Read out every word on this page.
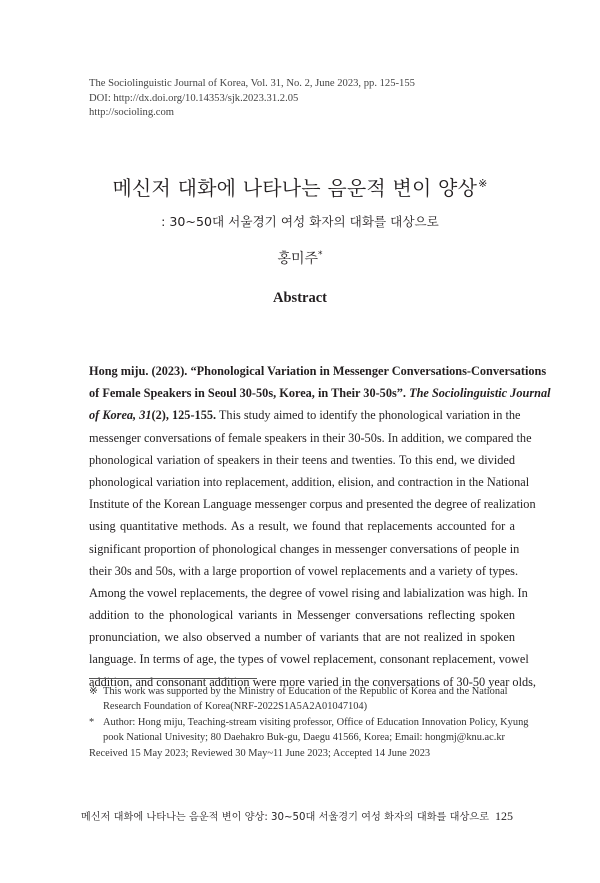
The Sociolinguistic Journal of Korea, Vol. 31, No. 2, June 2023, pp. 125-155
DOI: http://dx.doi.org/10.14353/sjk.2023.31.2.05
http://socioling.com
메신저 대화에 나타나는 음운적 변이 양상※
: 30~50대 서울경기 여성 화자의 대화를 대상으로
홍미주*
Abstract
Hong miju. (2023). “Phonological Variation in Messenger Conversations-Conversations
of Female Speakers in Seoul 30-50s, Korea, in Their 30-50s”. The Sociolinguistic Journal
of Korea, 31(2), 125-155. This study aimed to identify the phonological variation in the
messenger conversations of female speakers in their 30-50s. In addition, we compared the
phonological variation of speakers in their teens and twenties. To this end, we divided
phonological variation into replacement, addition, elision, and contraction in the National
Institute of the Korean Language messenger corpus and presented the degree of realization
using quantitative methods. As a result, we found that replacements accounted for a
significant proportion of phonological changes in messenger conversations of people in
their 30s and 50s, with a large proportion of vowel replacements and a variety of types.
Among the vowel replacements, the degree of vowel rising and labialization was high. In
addition to the phonological variants in Messenger conversations reflecting spoken
pronunciation, we also observed a number of variants that are not realized in spoken
language. In terms of age, the types of vowel replacement, consonant replacement, vowel
addition, and consonant addition were more varied in the conversations of 30-50 year olds,
※ This work was supported by the Ministry of Education of the Republic of Korea and the National
Research Foundation of Korea(NRF-2022S1A5A2A01047104)
* Author: Hong miju, Teaching-stream visiting professor, Office of Education Innovation Policy, Kyung
pook National Univesity; 80 Daehakro Buk-gu, Daegu 41566, Korea; Email: hongmj@knu.ac.kr
Received 15 May 2023; Reviewed 30 May~11 June 2023; Accepted 14 June 2023
메신저 대화에 나타나는 음운적 변이 양상: 30~50대 서울경기 여성 화자의 대화를 대상으로 125
